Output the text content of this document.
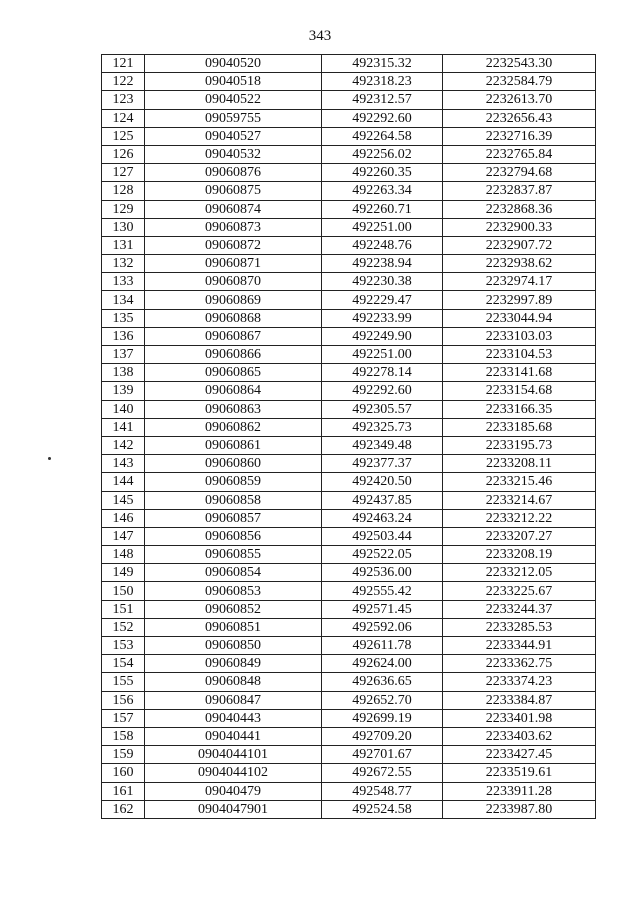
343
121	09040520	492315.32	2232543.30
122	09040518	492318.23	2232584.79
123	09040522	492312.57	2232613.70
124	09059755	492292.60	2232656.43
125	09040527	492264.58	2232716.39
126	09040532	492256.02	2232765.84
127	09060876	492260.35	2232794.68
128	09060875	492263.34	2232837.87
129	09060874	492260.71	2232868.36
130	09060873	492251.00	2232900.33
131	09060872	492248.76	2232907.72
132	09060871	492238.94	2232938.62
133	09060870	492230.38	2232974.17
134	09060869	492229.47	2232997.89
135	09060868	492233.99	2233044.94
136	09060867	492249.90	2233103.03
137	09060866	492251.00	2233104.53
138	09060865	492278.14	2233141.68
139	09060864	492292.60	2233154.68
140	09060863	492305.57	2233166.35
141	09060862	492325.73	2233185.68
142	09060861	492349.48	2233195.73
143	09060860	492377.37	2233208.11
144	09060859	492420.50	2233215.46
145	09060858	492437.85	2233214.67
146	09060857	492463.24	2233212.22
147	09060856	492503.44	2233207.27
148	09060855	492522.05	2233208.19
149	09060854	492536.00	2233212.05
150	09060853	492555.42	2233225.67
151	09060852	492571.45	2233244.37
152	09060851	492592.06	2233285.53
153	09060850	492611.78	2233344.91
154	09060849	492624.00	2233362.75
155	09060848	492636.65	2233374.23
156	09060847	492652.70	2233384.87
157	09040443	492699.19	2233401.98
158	09040441	492709.20	2233403.62
159	0904044101	492701.67	2233427.45
160	0904044102	492672.55	2233519.61
161	09040479	492548.77	2233911.28
162	0904047901	492524.58	2233987.80
